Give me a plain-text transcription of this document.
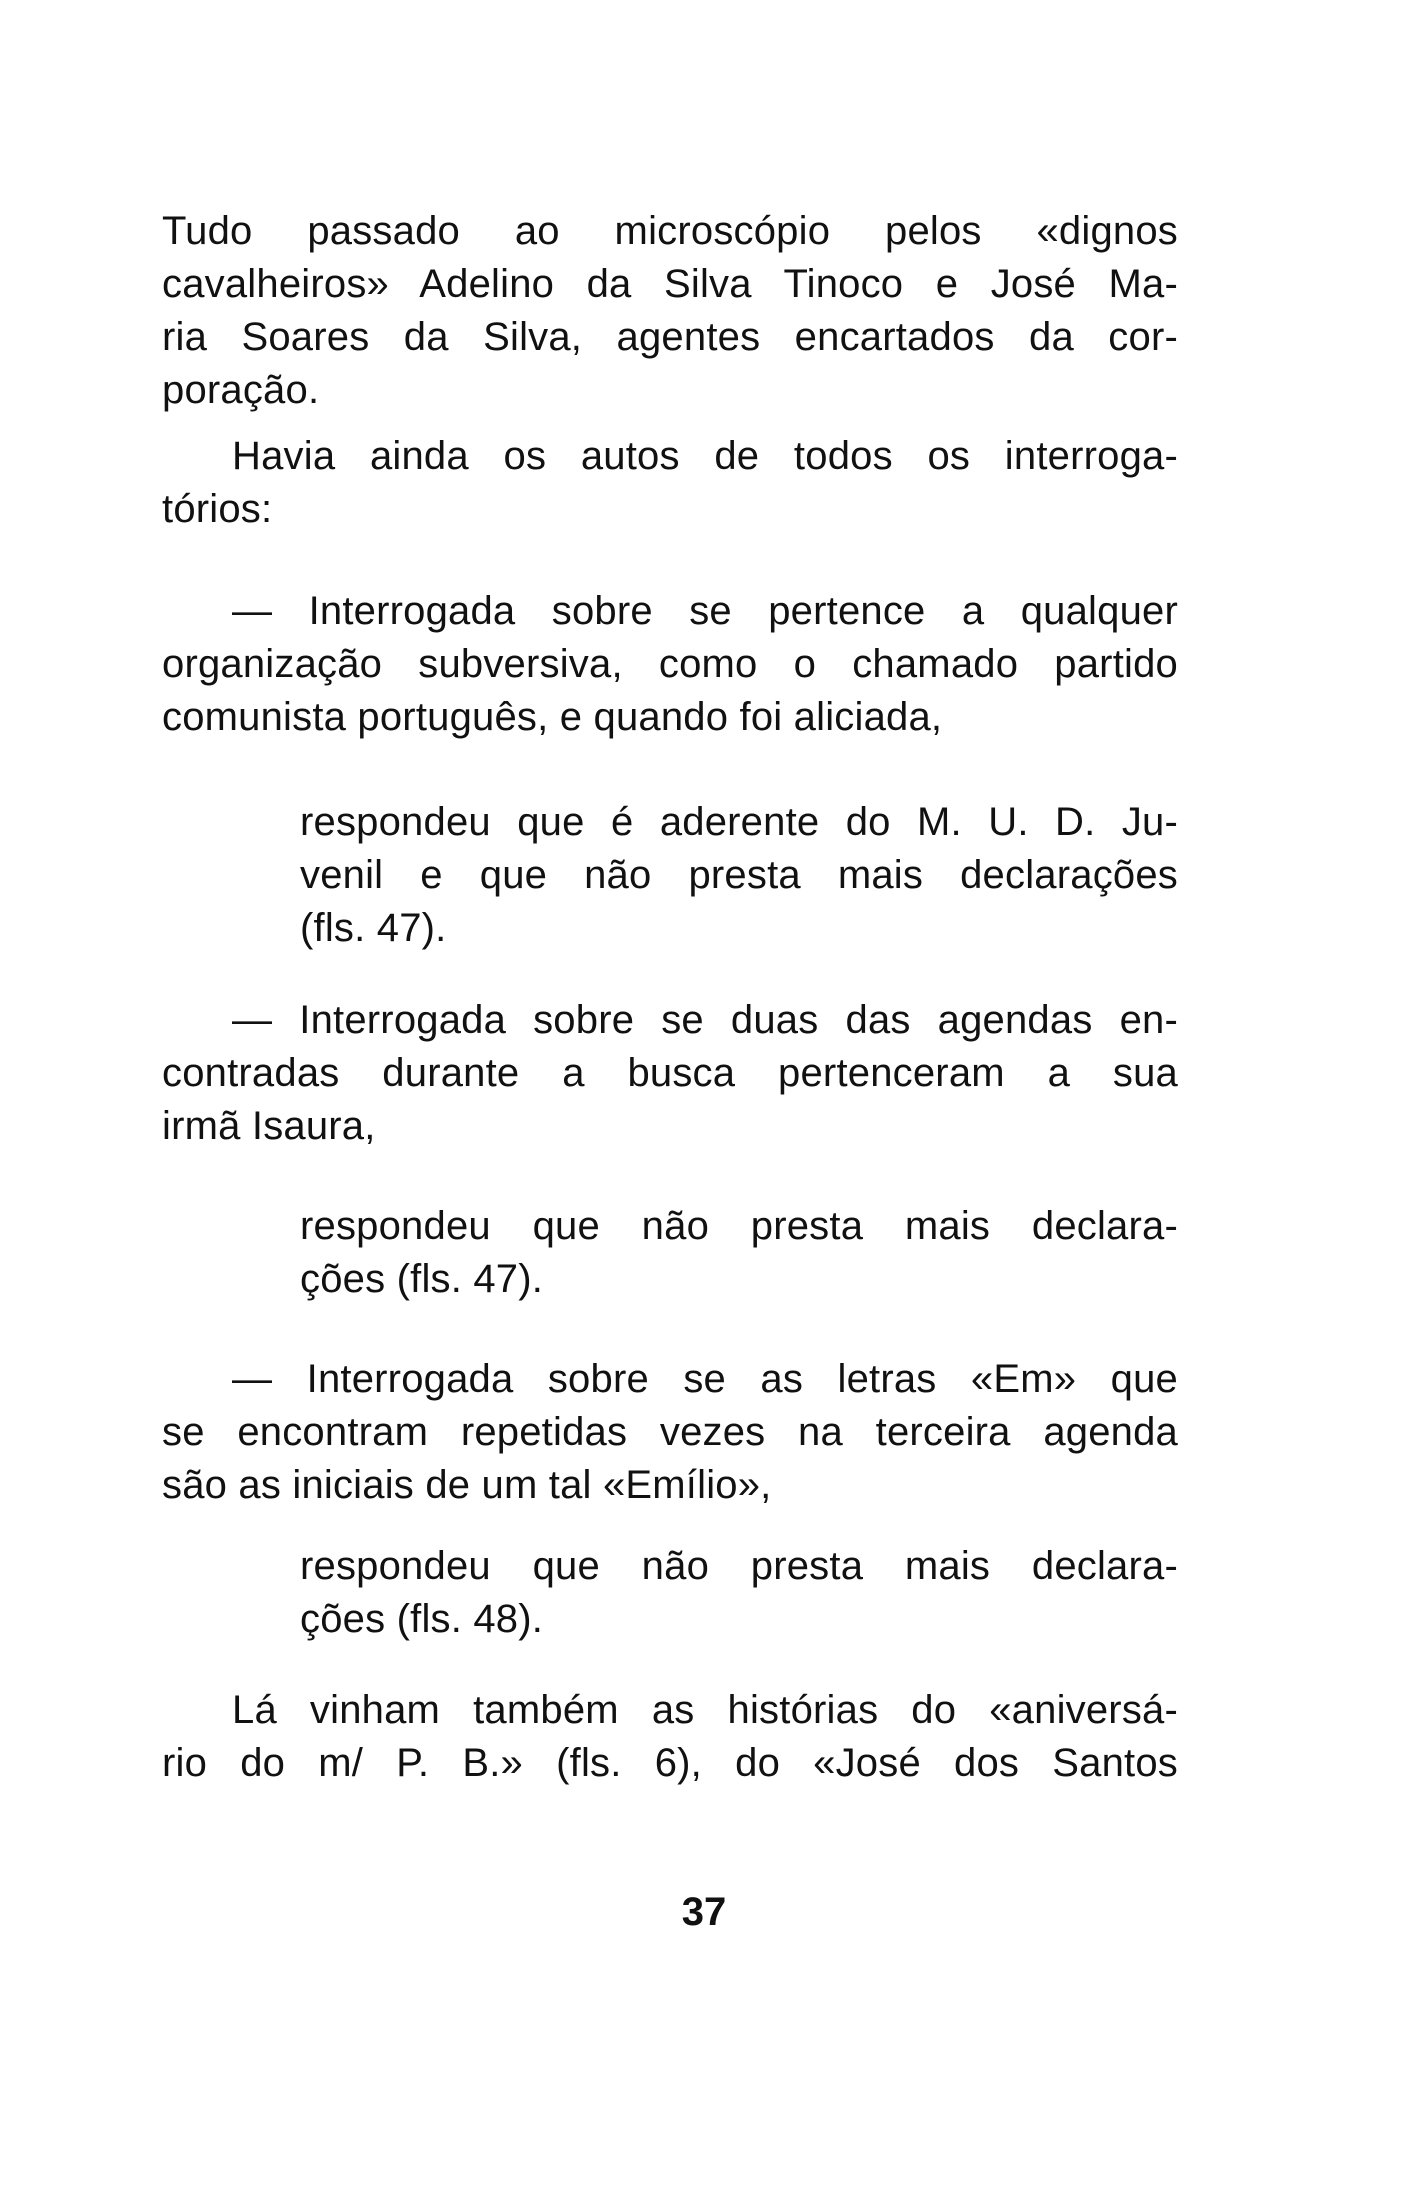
Tudo passado ao microscópio pelos «dignos
cavalheiros» Adelino da Silva Tinoco e José Ma-
ria Soares da Silva, agentes encartados da cor-
poração.
Havia ainda os autos de todos os interroga-
tórios:
— Interrogada sobre se pertence a qualquer
organização subversiva, como o chamado partido
comunista português, e quando foi aliciada,
respondeu que é aderente do M. U. D. Ju-
venil e que não presta mais declarações
(fls. 47).
— Interrogada sobre se duas das agendas en-
contradas durante a busca pertenceram a sua
irmã Isaura,
respondeu que não presta mais declara-
ções (fls. 47).
— Interrogada sobre se as letras «Em» que
se encontram repetidas vezes na terceira agenda
são as iniciais de um tal «Emílio»,
respondeu que não presta mais declara-
ções (fls. 48).
Lá vinham também as histórias do «aniversá-
rio do m/ P. B.» (fls. 6), do «José dos Santos
37
